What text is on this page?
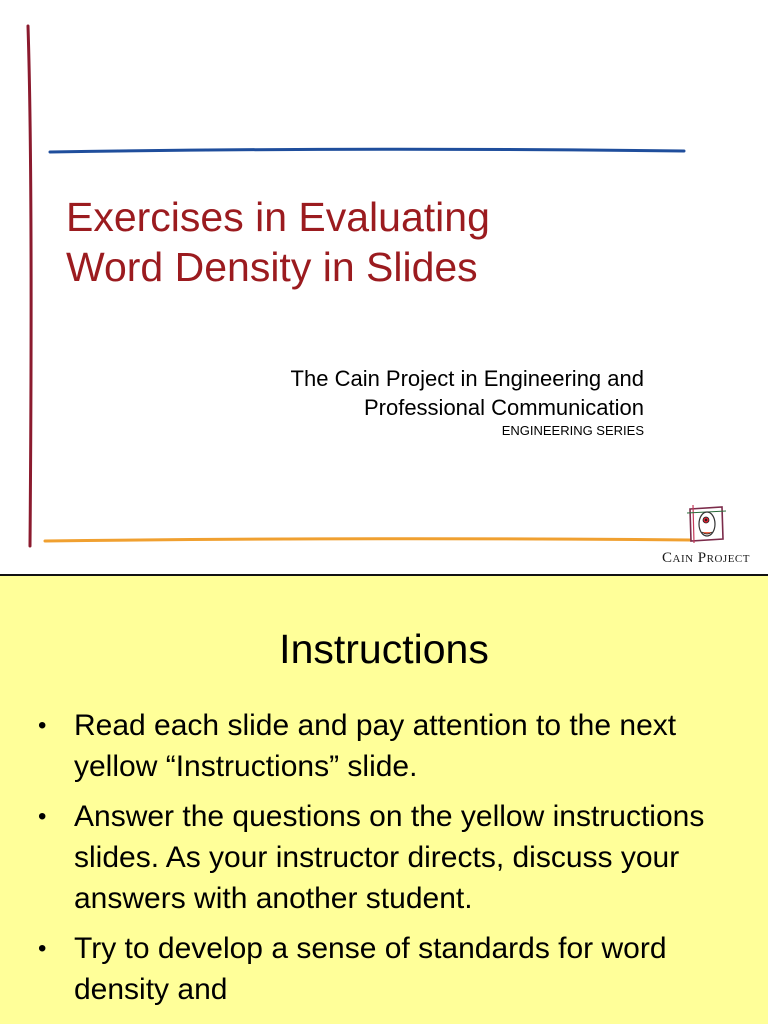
Exercises in Evaluating
Word Density in Slides
The Cain Project in Engineering and
Professional Communication
ENGINEERING SERIES
Cain Project
Instructions
• Read each slide and pay attention to the next yellow “Instructions” slide.
• Answer the questions on the yellow instructions slides. As your instructor directs, discuss your answers with another student.
• Try to develop a sense of standards for word density and
